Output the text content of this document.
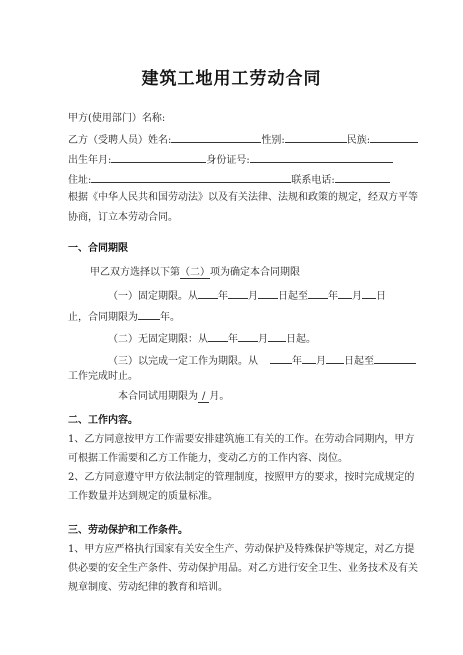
建筑工地用工劳动合同
甲方(使用部门）名称:
乙方（受聘人员）姓名:	性别:	民族:
出生年月:	身份证号:
住址:	联系电话:
根据《中华人民共和国劳动法》以及有关法律、法规和政策的规定，经双方平等
协商，订立本劳动合同。
一、合同期限
甲乙双方选择以下第（二）项为确定本合同期限
（一）固定期限。从 年 月 日起至 年 月 日
止，合同期限为 年。
（二）无固定期限：从 年 月 日起。
（三）以完成一定工作为期限。从	年 月 日起至
工作完成时止。
本合同试用期限为 / 月。
二、工作内容。
1、乙方同意按甲方工作需要安排建筑施工有关的工作。在劳动合同期内，甲方
可根据工作需要和乙方工作能力，变动乙方的工作内容、岗位。
2、乙方同意遵守甲方依法制定的管理制度，按照甲方的要求，按时完成规定的
工作数量并达到规定的质量标准。
三、劳动保护和工作条件。
1、甲方应严格执行国家有关安全生产、劳动保护及特殊保护等规定，对乙方提
供必要的安全生产条件、劳动保护用品。对乙方进行安全卫生、业务技术及有关
规章制度、劳动纪律的教育和培训。
